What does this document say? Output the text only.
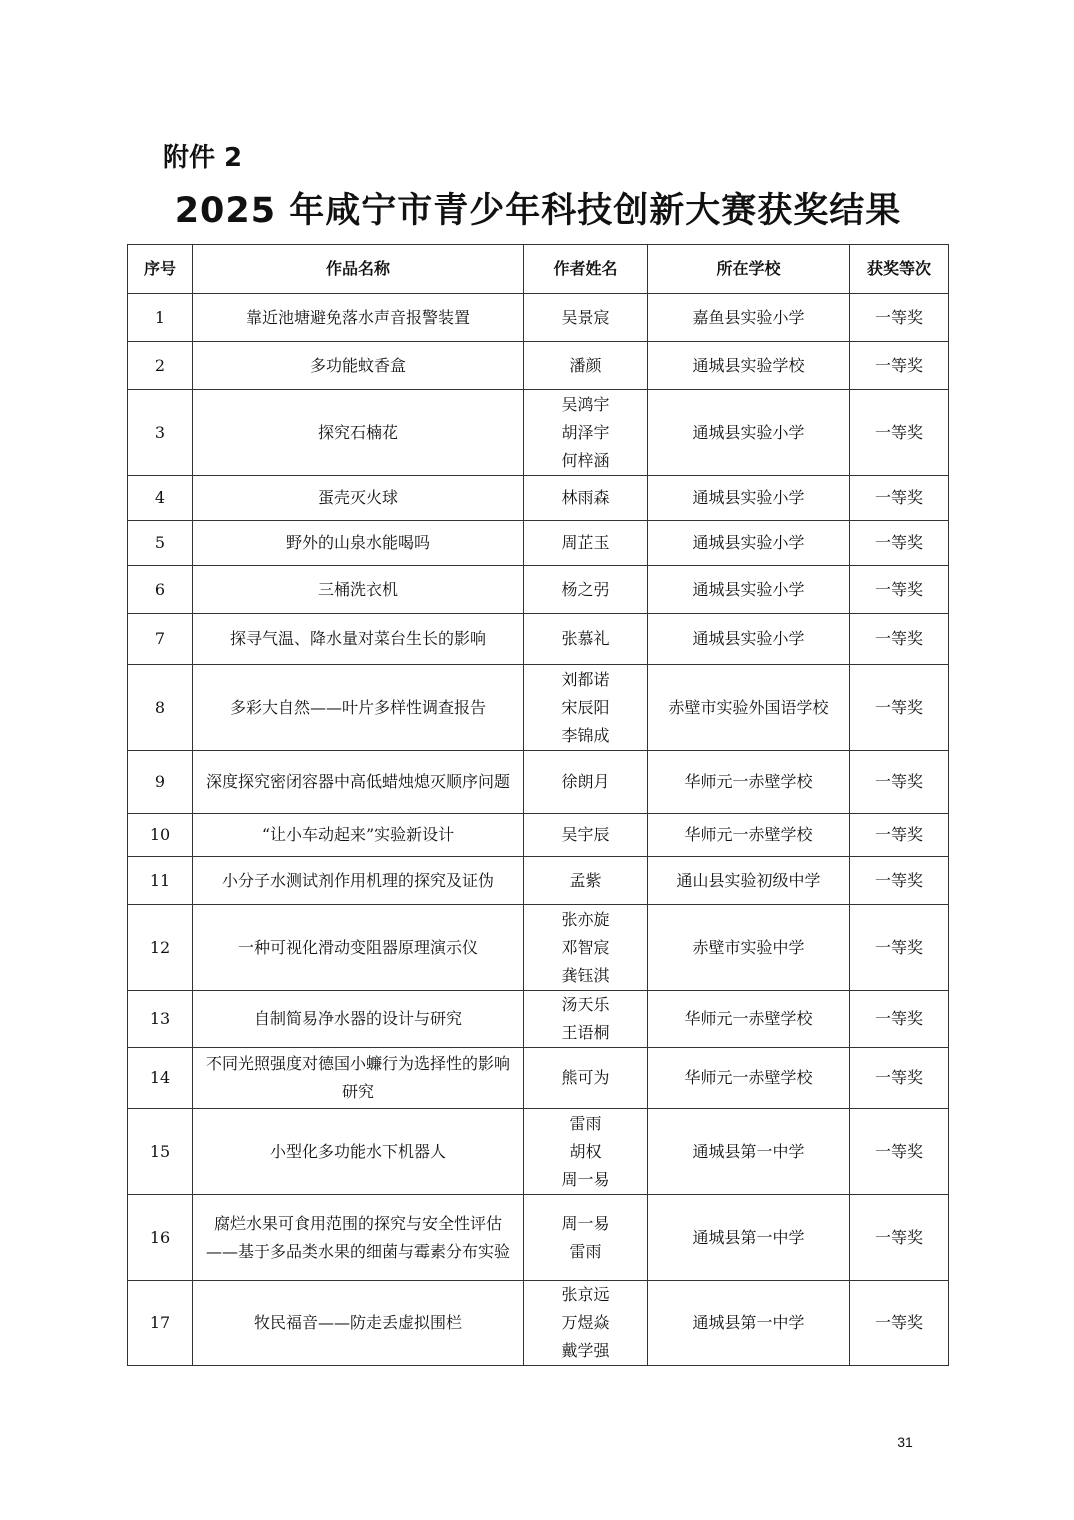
附件 2
2025 年咸宁市青少年科技创新大赛获奖结果
序号	作品名称	作者姓名	所在学校	获奖等次
1	靠近池塘避免落水声音报警装置	吴景宸	嘉鱼县实验小学	一等奖
2	多功能蚊香盒	潘颜	通城县实验学校	一等奖
3	探究石楠花	吴鸿宇
胡泽宇
何梓涵	通城县实验小学	一等奖
4	蛋壳灭火球	林雨森	通城县实验小学	一等奖
5	野外的山泉水能喝吗	周芷玉	通城县实验小学	一等奖
6	三桶洗衣机	杨之弜	通城县实验小学	一等奖
7	探寻气温、降水量对菜台生长的影响	张慕礼	通城县实验小学	一等奖
8	多彩大自然——叶片多样性调查报告	刘都诺
宋辰阳
李锦成	赤壁市实验外国语学校	一等奖
9	深度探究密闭容器中高低蜡烛熄灭顺序问题	徐朗月	华师元一赤壁学校	一等奖
10	“让小车动起来”实验新设计	吴宇辰	华师元一赤壁学校	一等奖
11	小分子水测试剂作用机理的探究及证伪	孟紫	通山县实验初级中学	一等奖
12	一种可视化滑动变阻器原理演示仪	张亦旋
邓智宸
龚钰淇	赤壁市实验中学	一等奖
13	自制简易净水器的设计与研究	汤天乐
王语桐	华师元一赤壁学校	一等奖
14	不同光照强度对德国小蠊行为选择性的影响研究	熊可为	华师元一赤壁学校	一等奖
15	小型化多功能水下机器人	雷雨
胡权
周一易	通城县第一中学	一等奖
16	腐烂水果可食用范围的探究与安全性评估——基于多品类水果的细菌与霉素分布实验	周一易
雷雨	通城县第一中学	一等奖
17	牧民福音——防走丢虚拟围栏	张京远
万煜焱
戴学强	通城县第一中学	一等奖
31
